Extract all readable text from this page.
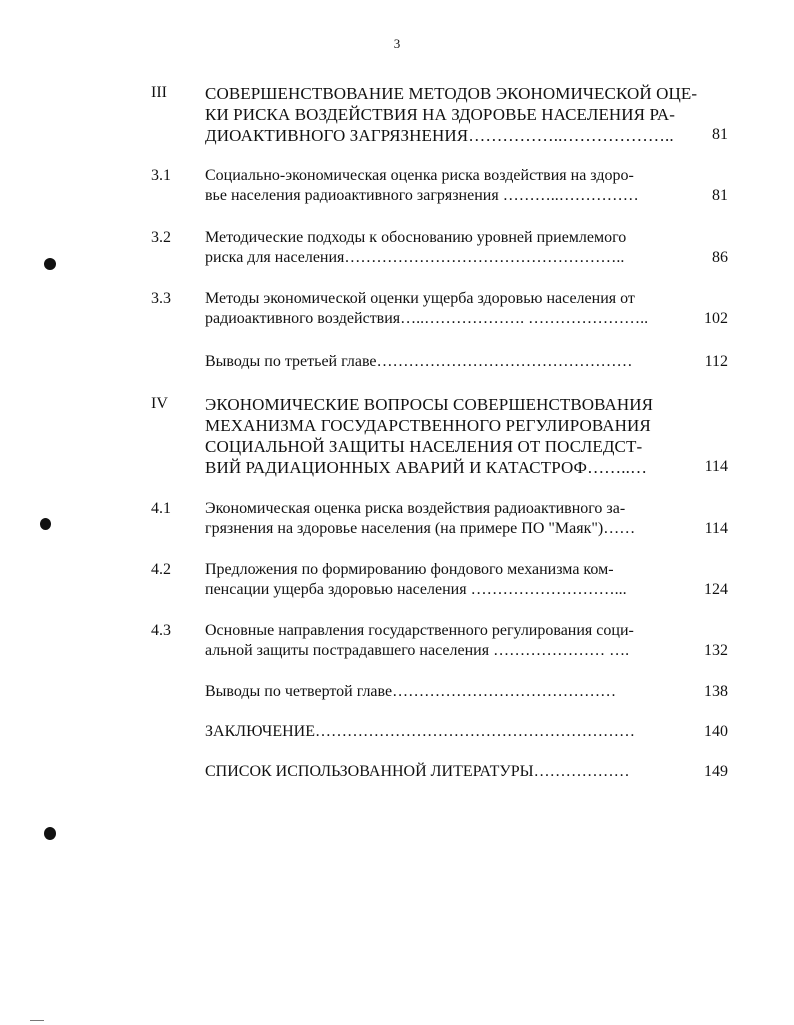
3
III СОВЕРШЕНСТВОВАНИЕ МЕТОДОВ ЭКОНОМИЧЕСКОЙ ОЦЕ-
КИ РИСКА ВОЗДЕЙСТВИЯ НА ЗДОРОВЬЕ НАСЕЛЕНИЯ РА-
ДИОАКТИВНОГО ЗАГРЯЗНЕНИЯ……………..………………..	81
3.1 Социально-экономическая оценка риска воздействия на здоро-
вье населения радиоактивного загрязнения ………..……………	81
3.2 Методические подходы к обоснованию уровней приемлемого
риска для населения……………………………………………..	86
3.3 Методы экономической оценки ущерба здоровью населения от
радиоактивного воздействия…..………………. …………………..	102
Выводы по третьей главе…………………………………………	112
IV ЭКОНОМИЧЕСКИЕ ВОПРОСЫ СОВЕРШЕНСТВОВАНИЯ
МЕХАНИЗМА ГОСУДАРСТВЕННОГО РЕГУЛИРОВАНИЯ
СОЦИАЛЬНОЙ ЗАЩИТЫ НАСЕЛЕНИЯ ОТ ПОСЛЕДСТ-
ВИЙ РАДИАЦИОННЫХ АВАРИЙ И КАТАСТРОФ……..…	114
4.1 Экономическая оценка риска воздействия радиоактивного за-
грязнения на здоровье населения (на примере ПО "Маяк")……	114
4.2 Предложения по формированию фондового механизма ком-
пенсации ущерба здоровью населения ………………………...	124
4.3 Основные направления государственного регулирования соци-
альной защиты пострадавшего населения ………………… ….	132
Выводы по четвертой главе……………………………………	138
ЗАКЛЮЧЕНИЕ……………………………………………………	140
СПИСОК ИСПОЛЬЗОВАННОЙ ЛИТЕРАТУРЫ………………	149
